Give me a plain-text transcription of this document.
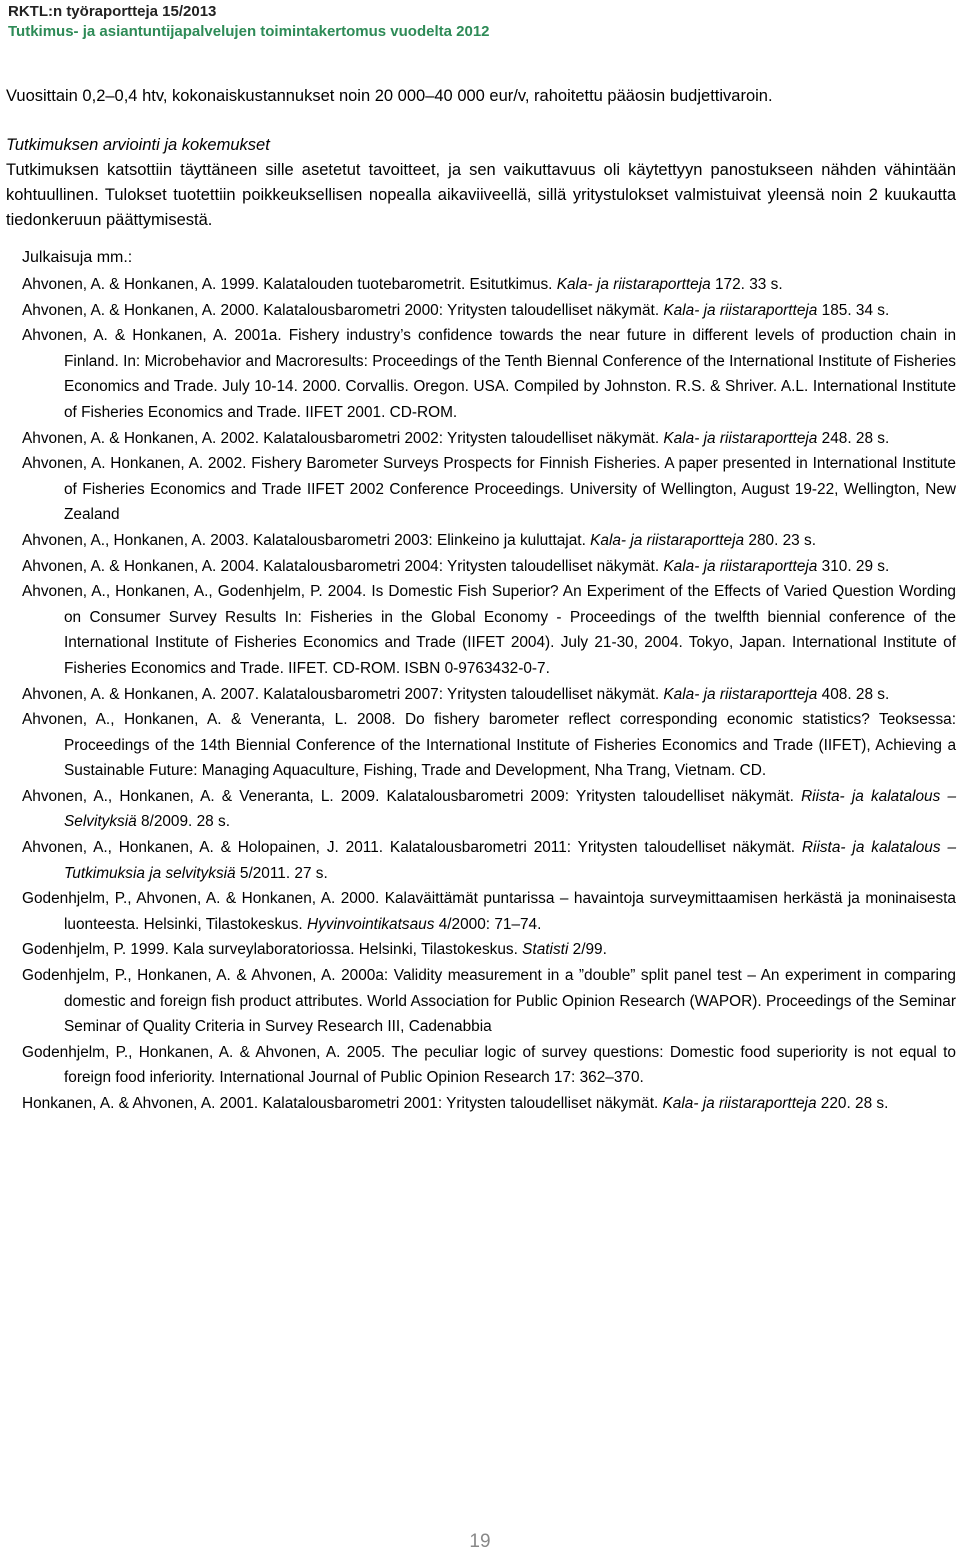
RKTL:n työraportteja 15/2013
Tutkimus- ja asiantuntijapalvelujen toimintakertomus vuodelta 2012

Vuosittain 0,2–0,4 htv, kokonaiskustannukset noin 20 000–40 000 eur/v, rahoitettu pääosin budjettivaroin.

Tutkimuksen arviointi ja kokemukset

Tutkimuksen katsottiin täyttäneen sille asetetut tavoitteet, ja sen vaikuttavuus oli käytettyyn panostukseen nähden vähintään kohtuullinen. Tulokset tuotettiin poikkeuksellisen nopealla aikaviiveellä, sillä yritystulokset valmistuivat yleensä noin 2 kuukautta tiedonkeruun päättymisestä.

Julkaisuja mm.:

Ahvonen, A. & Honkanen, A. 1999. Kalatalouden tuotebarometrit. Esitutkimus. Kala- ja riistaraportteja 172. 33 s.

Ahvonen, A. & Honkanen, A. 2000. Kalatalousbarometri 2000: Yritysten taloudelliset näkymät. Kala- ja riistaraportteja 185. 34 s.

Ahvonen, A. & Honkanen, A. 2001a. Fishery industry’s confidence towards the near future in different levels of production chain in Finland. In: Microbehavior and Macroresults: Proceedings of the Tenth Biennal Conference of the International Institute of Fisheries Economics and Trade. July 10-14. 2000. Corvallis. Oregon. USA. Compiled by Johnston. R.S. & Shriver. A.L. International Institute of Fisheries Economics and Trade. IIFET 2001. CD-ROM.

Ahvonen, A. & Honkanen, A. 2002. Kalatalousbarometri 2002: Yritysten taloudelliset näkymät. Kala- ja riistaraportteja 248. 28 s.

Ahvonen, A. Honkanen, A. 2002. Fishery Barometer Surveys Prospects for Finnish Fisheries. A paper presented in International Institute of Fisheries Economics and Trade IIFET 2002 Conference Proceedings. University of Wellington, August 19-22, Wellington, New Zealand

Ahvonen, A., Honkanen, A. 2003. Kalatalousbarometri 2003: Elinkeino ja kuluttajat. Kala- ja riistaraportteja 280. 23 s.

Ahvonen, A. & Honkanen, A. 2004. Kalatalousbarometri 2004: Yritysten taloudelliset näkymät. Kala- ja riistaraportteja 310. 29 s.

Ahvonen, A., Honkanen, A., Godenhjelm, P. 2004. Is Domestic Fish Superior? An Experiment of the Effects of Varied Question Wording on Consumer Survey Results In: Fisheries in the Global Economy - Proceedings of the twelfth biennial conference of the International Institute of Fisheries Economics and Trade (IIFET 2004). July 21-30, 2004. Tokyo, Japan. International Institute of Fisheries Economics and Trade. IIFET. CD-ROM. ISBN 0-9763432-0-7.

Ahvonen, A. & Honkanen, A. 2007. Kalatalousbarometri 2007: Yritysten taloudelliset näkymät. Kala- ja riistaraportteja 408. 28 s.

Ahvonen, A., Honkanen, A. & Veneranta, L. 2008. Do fishery barometer reflect corresponding economic statistics? Teoksessa: Proceedings of the 14th Biennial Conference of the International Institute of Fisheries Economics and Trade (IIFET), Achieving a Sustainable Future: Managing Aquaculture, Fishing, Trade and Development, Nha Trang, Vietnam. CD.

Ahvonen, A., Honkanen, A. & Veneranta, L. 2009. Kalatalousbarometri 2009: Yritysten taloudelliset näkymät. Riista- ja kalatalous – Selvityksiä 8/2009. 28 s.

Ahvonen, A., Honkanen, A. & Holopainen, J. 2011. Kalatalousbarometri 2011: Yritysten taloudelliset näkymät. Riista- ja kalatalous – Tutkimuksia ja selvityksiä 5/2011. 27 s.

Godenhjelm, P., Ahvonen, A. & Honkanen, A. 2000. Kalaväittämät puntarissa – havaintoja surveymittaamisen herkästä ja moninaisesta luonteesta. Helsinki, Tilastokeskus. Hyvinvointikatsaus 4/2000: 71–74.

Godenhjelm, P. 1999. Kala surveylaboratoriossa. Helsinki, Tilastokeskus. Statisti 2/99.

Godenhjelm, P., Honkanen, A. & Ahvonen, A. 2000a: Validity measurement in a ”double” split panel test – An experiment in comparing domestic and foreign fish product attributes. World Association for Public Opinion Research (WAPOR). Proceedings of the Seminar Seminar of Quality Criteria in Survey Research III, Cadenabbia

Godenhjelm, P., Honkanen, A. & Ahvonen, A. 2005. The peculiar logic of survey questions: Domestic food superiority is not equal to foreign food inferiority. International Journal of Public Opinion Research 17: 362–370.

Honkanen, A. & Ahvonen, A. 2001. Kalatalousbarometri 2001: Yritysten taloudelliset näkymät. Kala- ja riistaraportteja 220. 28 s.

19
